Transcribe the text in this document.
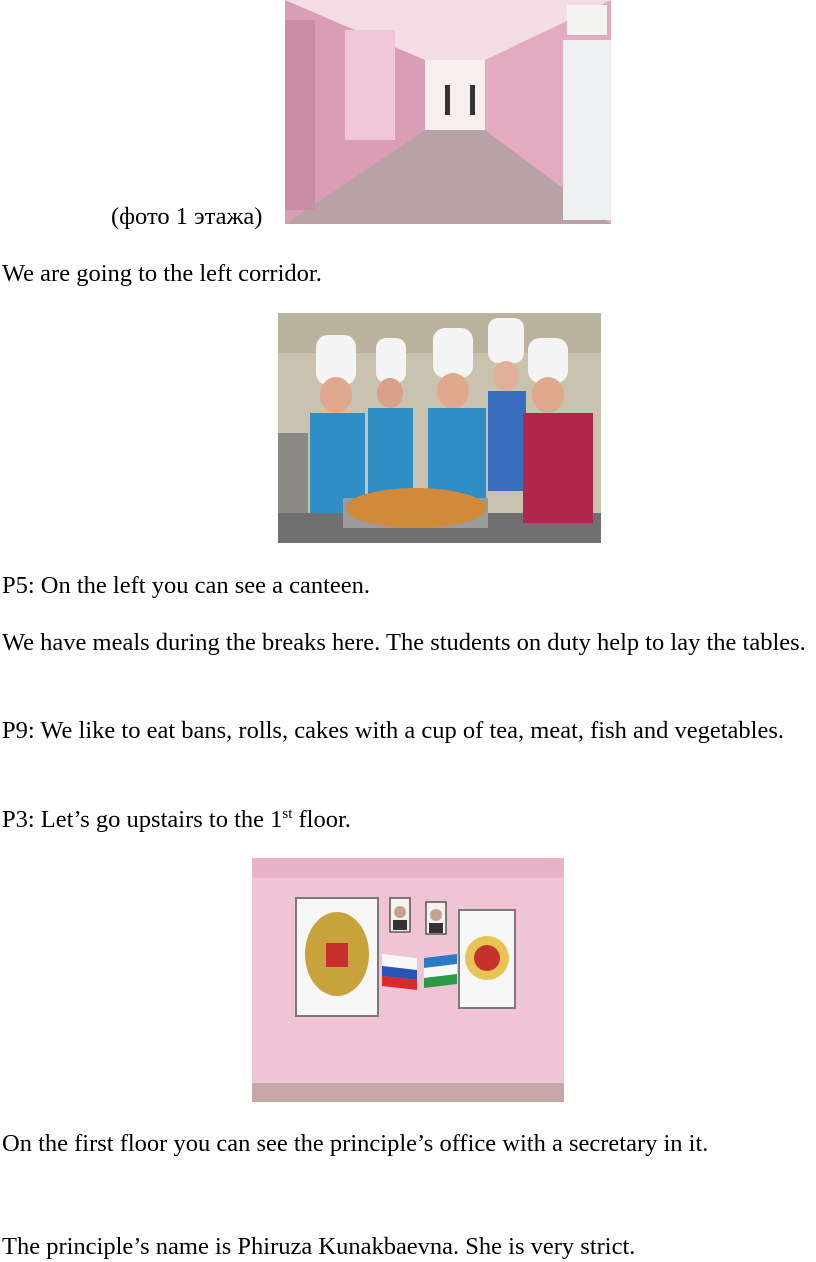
(фото 1 этажа)
We are going to the left corridor.
P5: On the left you can see a canteen.
We have meals during the breaks here. The students on duty help to lay the tables.
P9: We like to eat bans, rolls, cakes with a cup of tea, meat, fish and vegetables.
P3: Let’s go upstairs to the 1st floor.
On the first floor you can see the principle’s office with a secretary in it.
The principle’s name is Phiruza Kunakbaevna. She is very strict.
